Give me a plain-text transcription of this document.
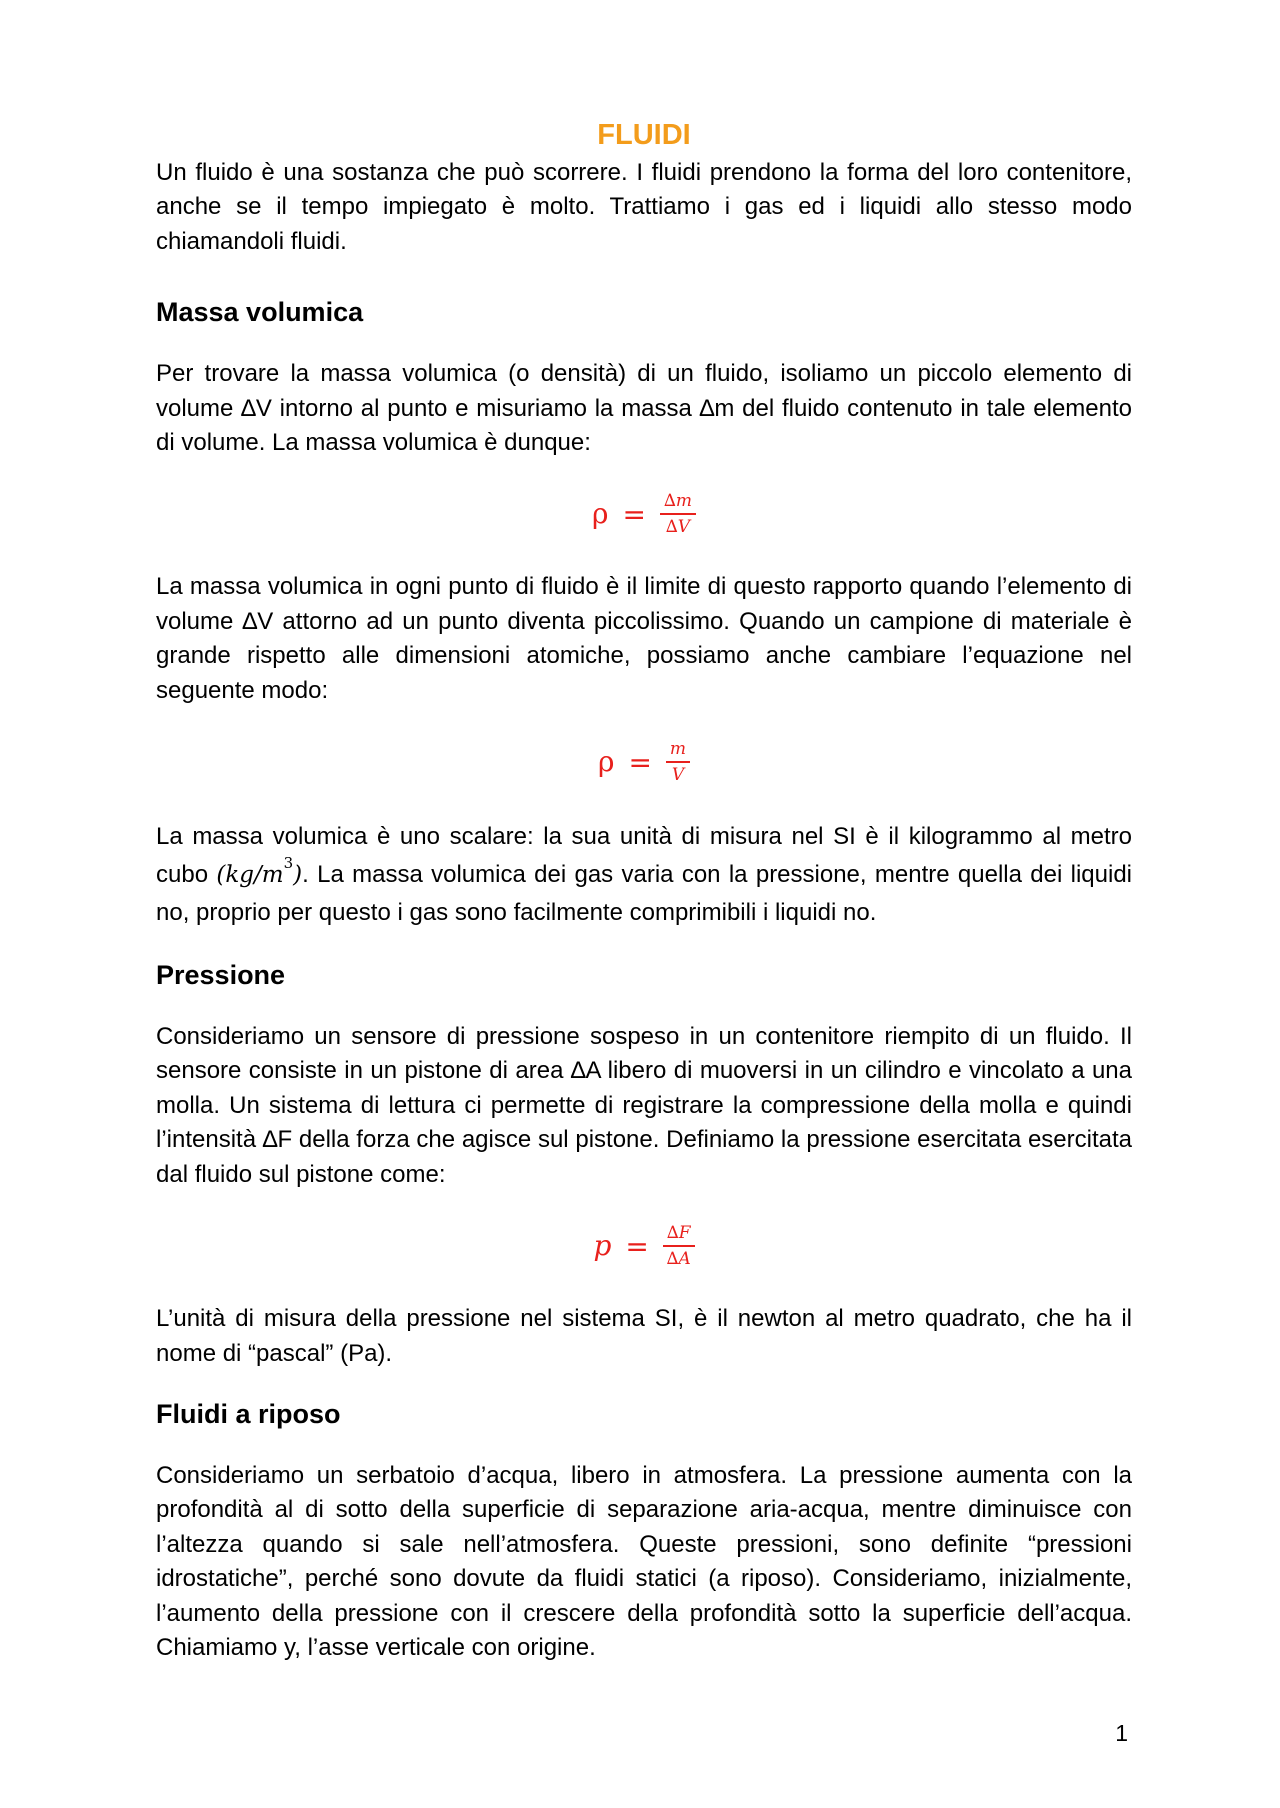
FLUIDI

Un fluido è una sostanza che può scorrere. I fluidi prendono la forma del loro contenitore, anche se il tempo impiegato è molto. Trattiamo i gas ed i liquidi allo stesso modo chiamandoli fluidi.

Massa volumica

Per trovare la massa volumica (o densità) di un fluido, isoliamo un piccolo elemento di volume ∆V intorno al punto e misuriamo la massa ∆m del fluido contenuto in tale elemento di volume. La massa volumica è dunque:

$\rho = \frac{\Delta m}{\Delta V}$

La massa volumica in ogni punto di fluido è il limite di questo rapporto quando l’elemento di volume ∆V attorno ad un punto diventa piccolissimo. Quando un campione di materiale è grande rispetto alle dimensioni atomiche, possiamo anche cambiare l’equazione nel seguente modo:

$\rho = \frac{m}{V}$

La massa volumica è uno scalare: la sua unità di misura nel SI è il kilogrammo al metro cubo $(kg/m^3)$. La massa volumica dei gas varia con la pressione, mentre quella dei liquidi no, proprio per questo i gas sono facilmente comprimibili i liquidi no.

Pressione

Consideriamo un sensore di pressione sospeso in un contenitore riempito di un fluido. Il sensore consiste in un pistone di area ∆A libero di muoversi in un cilindro e vincolato a una molla. Un sistema di lettura ci permette di registrare la compressione della molla e quindi l’intensità ∆F della forza che agisce sul pistone. Definiamo la pressione esercitata esercitata dal fluido sul pistone come:

$p = \frac{\Delta F}{\Delta A}$

L’unità di misura della pressione nel sistema SI, è il newton al metro quadrato, che ha il nome di “pascal” (Pa).

Fluidi a riposo

Consideriamo un serbatoio d’acqua, libero in atmosfera. La pressione aumenta con la profondità al di sotto della superficie di separazione aria-acqua, mentre diminuisce con l’altezza quando si sale nell’atmosfera. Queste pressioni, sono definite “pressioni idrostatiche”, perché sono dovute da fluidi statici (a riposo). Consideriamo, inizialmente, l’aumento della pressione con il crescere della profondità sotto la superficie dell’acqua. Chiamiamo y, l’asse verticale con origine.

1
